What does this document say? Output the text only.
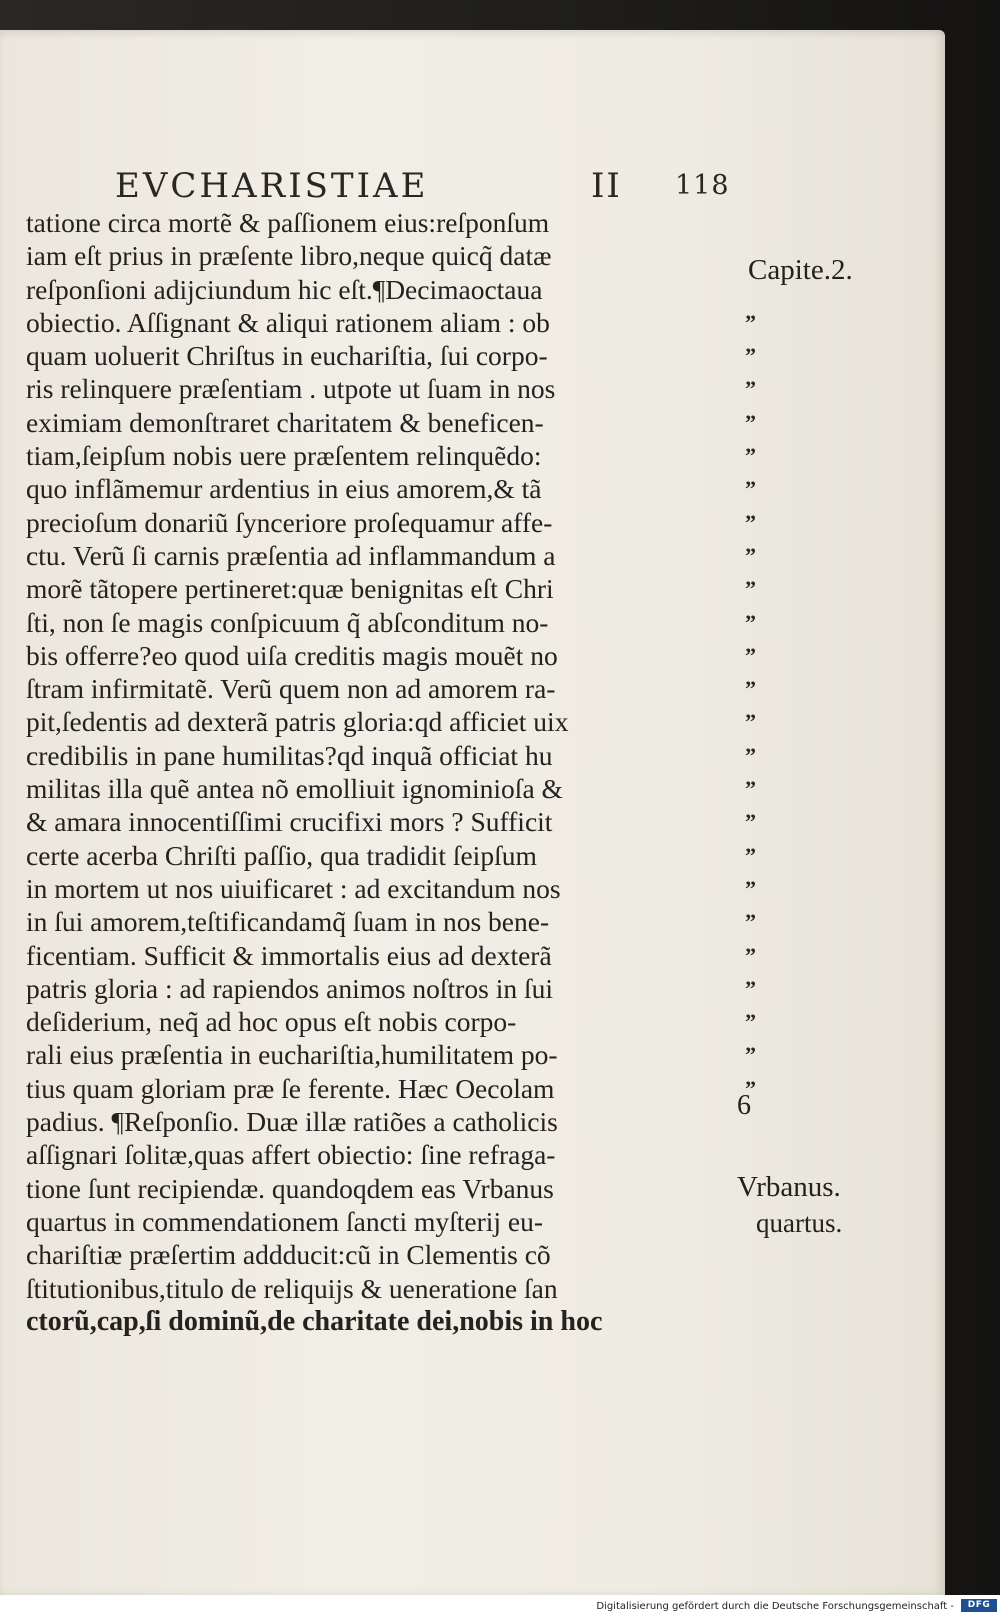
EVCHARISTIAE	II 118
tatione circa mortẽ & paſſionem eius:reſponſum
iam eſt prius in præſente libro,neque quicq̃ datæ
reſponſioni adijciundum hic eſt.¶Decimaoctaua
obiectio. Aſſignant & aliqui rationem aliam : ob
quam uoluerit Chriſtus in euchariſtia, ſui corpo-
ris relinquere præſentiam . utpote ut ſuam in nos
eximiam demonſtraret charitatem & beneficen-
tiam,ſeipſum nobis uere præſentem relinquẽdo:
quo inflãmemur ardentius in eius amorem,& tã
precioſum donariũ ſynceriore proſequamur affe-
ctu. Verũ ſi carnis præſentia ad inflammandum a
morẽ tãtopere pertineret:quæ benignitas eſt Chri
ſti, non ſe magis conſpicuum q̃ abſconditum no-
bis offerre?eo quod uiſa creditis magis mouẽt no
ſtram infirmitatẽ. Verũ quem non ad amorem ra-
pit,ſedentis ad dexterã patris gloria:qd afficiet uix
credibilis in pane humilitas?qd inquã officiat hu
militas illa quẽ antea nõ emolliuit ignominioſa &
& amara innocentiſſimi crucifixi mors ? Sufficit
certe acerba Chriſti paſſio, qua tradidit ſeipſum
in mortem ut nos uiuificaret : ad excitandum nos
in ſui amorem,teſtificandamq̃ ſuam in nos bene-
ficentiam. Sufficit & immortalis eius ad dexterã
patris gloria : ad rapiendos animos noſtros in ſui
deſiderium, neq̃ ad hoc opus eſt nobis corpo-
rali eius præſentia in euchariſtia,humilitatem po-
tius quam gloriam præ ſe ferente. Hæc Oecolam
padius. ¶Reſponſio. Duæ illæ ratiões a catholicis
aſſignari ſolitæ,quas affert obiectio: ſine refraga-
tione ſunt recipiendæ. quandoqdem eas Vrbanus
quartus in commendationem ſancti myſterij eu-
chariſtiæ præſertim addducit:cũ in Clementis cõ
ſtitutionibus,titulo de reliquijs & ueneratione ſan
ctorũ,cap,ſi dominũ,de charitate dei,nobis in hoc
”
”
”
”
”
”
”
”
”
”
”
”
”
”
”
”
”
”
”
”
”
”
”
”
Capite.2.
6
Vrbanus.
quartus.
Digitalisierung gefördert durch die Deutsche Forschungsgemeinschaft -	DFG
